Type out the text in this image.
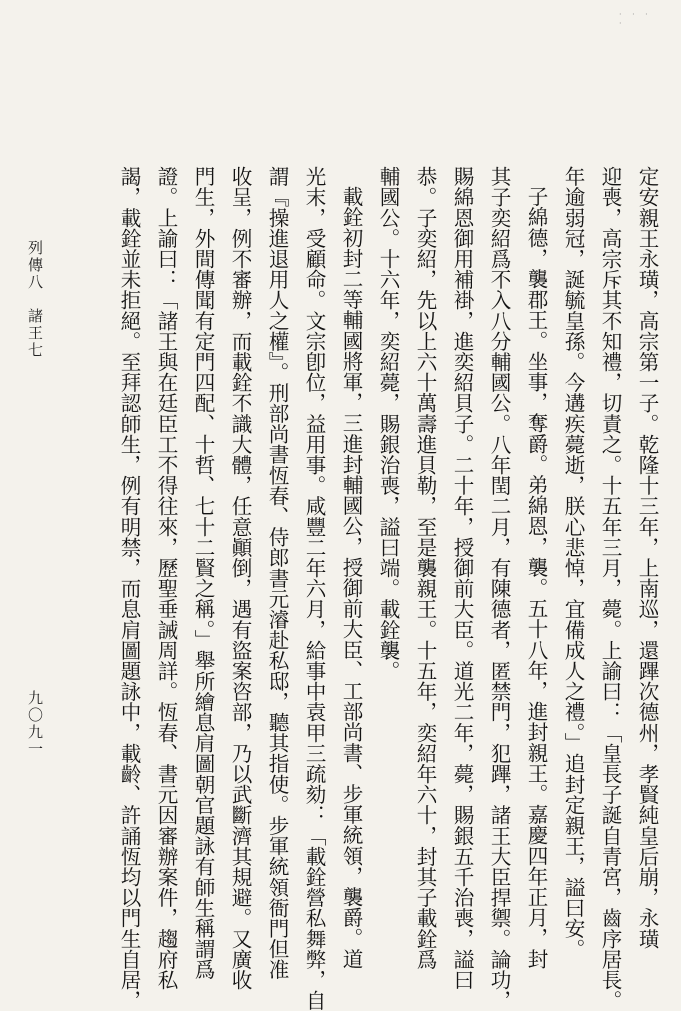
· · · ·
定安親王永璜，高宗第一子。乾隆十三年，上南巡，還蹕次德州，孝賢純皇后崩，永璜
迎喪，高宗斥其不知禮，切責之。十五年三月，薨。上諭曰：「皇長子誕自青宮，齒序居長。
年逾弱冠，誕毓皇孫。今遘疾薨逝，朕心悲悼，宜備成人之禮。」追封定親王，謚曰安。
子綿德，襲郡王。坐事，奪爵。弟綿恩，襲。五十八年，進封親王。嘉慶四年正月，封
其子奕紹爲不入八分輔國公。八年閏二月，有陳德者，匿禁門，犯蹕，諸王大臣捍禦。論功，
賜綿恩御用補褂，進奕紹貝子。二十年，授御前大臣。道光二年，薨，賜銀五千治喪，謚曰
恭。子奕紹，先以上六十萬壽進貝勒，至是襲親王。十五年，奕紹年六十，封其子載銓爲
輔國公。十六年，奕紹薨，賜銀治喪，謚曰端。載銓襲。
載銓初封二等輔國將軍，三進封輔國公，授御前大臣、工部尚書、步軍統領，襲爵。道
光末，受顧命。文宗卽位，益用事。咸豐二年六月，給事中袁甲三疏劾：「載銓營私舞弊，自
謂『操進退用人之權』。刑部尚書恆春、侍郎書元濬赴私邸，聽其指使。步軍統領衙門但准
收呈，例不審辦，而載銓不識大體，任意顚倒，遇有盜案咨部，乃以武斷濟其規避。又廣收
門生，外間傳聞有定門四配、十哲、七十二賢之稱。」舉所繪息肩圖朝官題詠有師生稱謂爲
證。上諭曰：「諸王與在廷臣工不得往來，歷聖垂誡周詳。恆春、書元因審辦案件，趨府私
謁，載銓並未拒絕。至拜認師生，例有明禁，而息肩圖題詠中，載齡、許誦恆均以門生自居，
列傳八　諸王七
九〇九一
